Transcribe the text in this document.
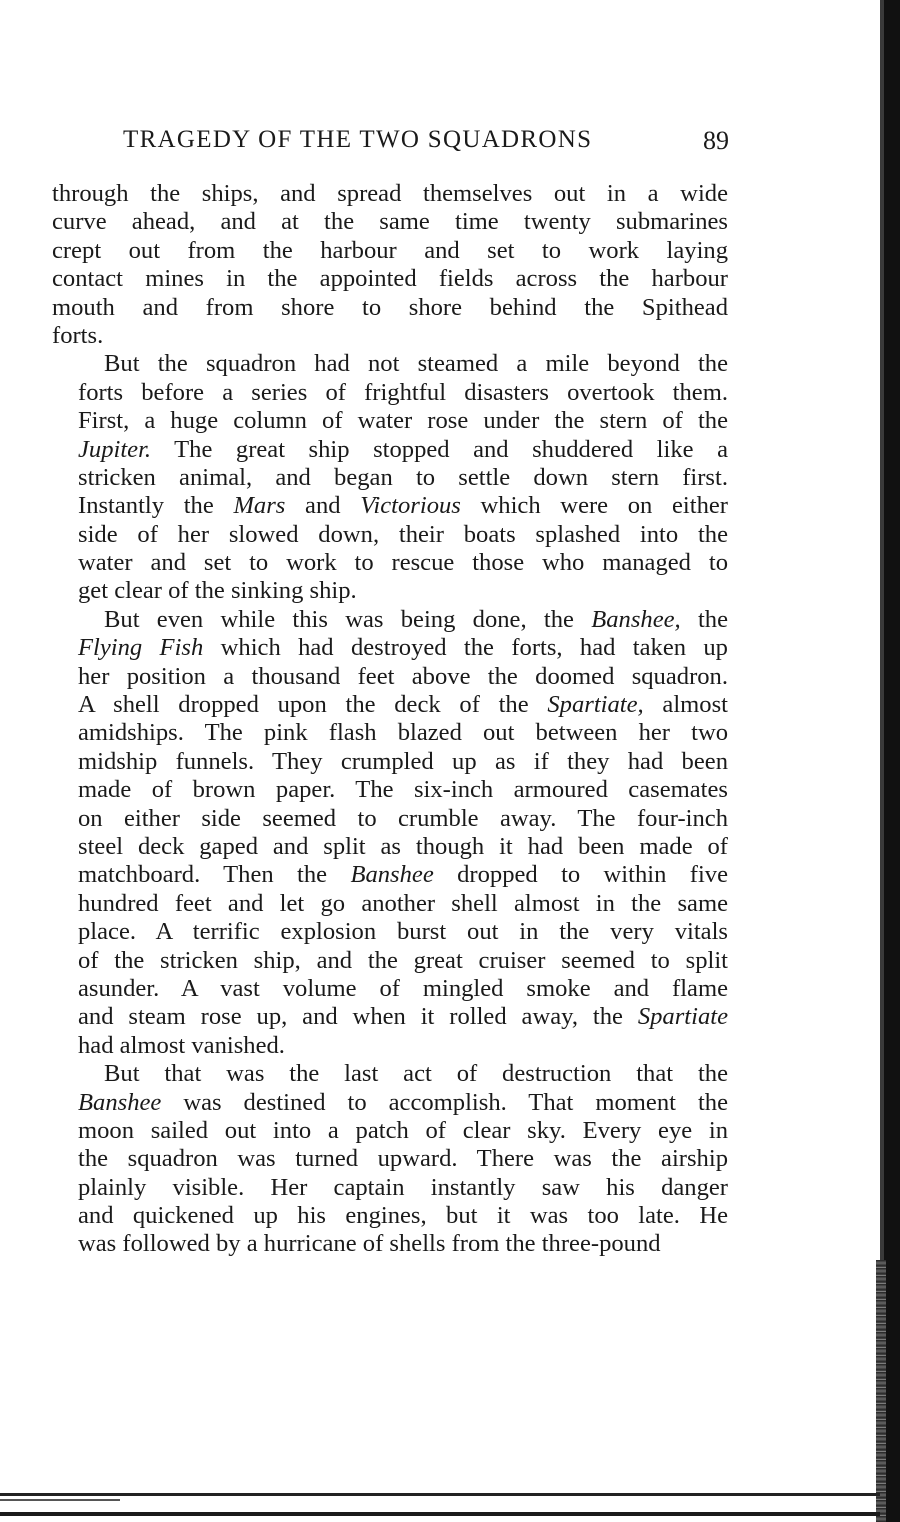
TRAGEDY OF THE TWO SQUADRONS	89
through the ships, and spread themselves out in a wide
curve ahead, and at the same time twenty submarines
crept out from the harbour and set to work laying
contact mines in the appointed fields across the harbour
mouth and from shore to shore behind the Spithead
forts.
But the squadron had not steamed a mile beyond the
forts before a series of frightful disasters overtook them.
First, a huge column of water rose under the stern of the
Jupiter. The great ship stopped and shuddered like a
stricken animal, and began to settle down stern first.
Instantly the Mars and Victorious which were on either
side of her slowed down, their boats splashed into the
water and set to work to rescue those who managed to
get clear of the sinking ship.
But even while this was being done, the Banshee, the
Flying Fish which had destroyed the forts, had taken up
her position a thousand feet above the doomed squadron.
A shell dropped upon the deck of the Spartiate, almost
amidships. The pink flash blazed out between her two
midship funnels. They crumpled up as if they had been
made of brown paper. The six-inch armoured casemates
on either side seemed to crumble away. The four-inch
steel deck gaped and split as though it had been made of
matchboard. Then the Banshee dropped to within five
hundred feet and let go another shell almost in the same
place. A terrific explosion burst out in the very vitals
of the stricken ship, and the great cruiser seemed to split
asunder. A vast volume of mingled smoke and flame
and steam rose up, and when it rolled away, the Spartiate
had almost vanished.
But that was the last act of destruction that the
Banshee was destined to accomplish. That moment the
moon sailed out into a patch of clear sky. Every eye in
the squadron was turned upward. There was the airship
plainly visible. Her captain instantly saw his danger
and quickened up his engines, but it was too late. He
was followed by a hurricane of shells from the three-pound
